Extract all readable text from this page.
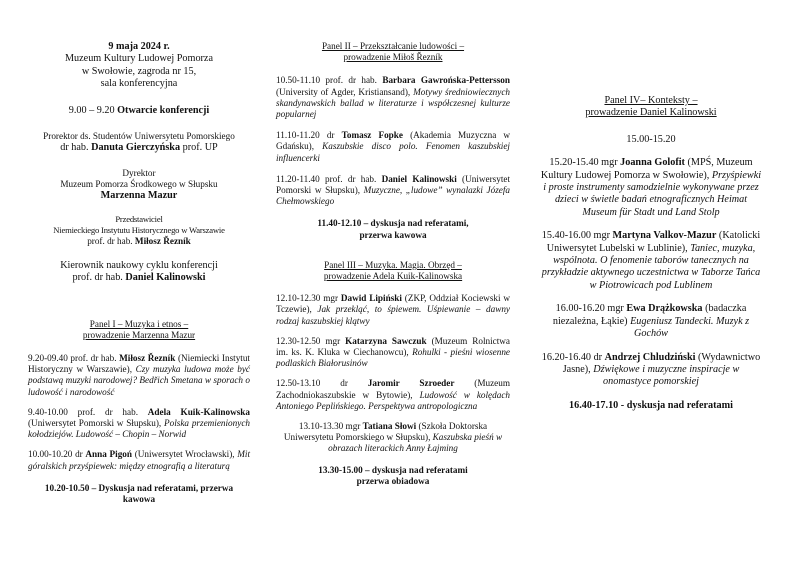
9 maja 2024 r.

Muzeum Kultury Ludowej Pomorza

w Swołowie, zagroda nr 15,

sala konferencyjna

9.00 – 9.20 Otwarcie konferencji

Prorektor ds. Studentów Uniwersytetu Pomorskiego

dr hab. Danuta Gierczyńska prof. UP

Dyrektor

Muzeum Pomorza Środkowego w Słupsku

Marzenna Mazur

Przedstawiciel

Niemieckiego Instytutu Historycznego w Warszawie

prof. dr hab. Miłosz Řezník

Kierownik naukowy cyklu konferencji

prof. dr hab. Daniel Kalinowski

Panel I – Muzyka i etnos –

prowadzenie Marzenna Mazur

9.20-09.40 prof. dr hab. Miłosz Řezník (Niemiecki Instytut Historyczny w Warszawie), Czy muzyka ludowa może być podstawą muzyki narodowej? Bedřich Smetana w sporach o ludowość i narodowość

9.40-10.00 prof. dr hab. Adela Kuik-Kalinowska (Uniwersytet Pomorski w Słupsku), Polska przemienionych kołodziejów. Ludowość – Chopin – Norwid

10.00-10.20 dr Anna Pigoń (Uniwersytet Wrocławski), Mit góralskich przyśpiewek: między etnografią a literaturą

10.20-10.50 – Dyskusja nad referatami, przerwa kawowa

Panel II – Przekształcanie ludowości –

prowadzenie Miłoš Řezník

10.50-11.10 prof. dr hab. Barbara Gawrońska-Pettersson (University of Agder, Kristiansand), Motywy średniowiecznych skandynawskich ballad w literaturze i współczesnej kulturze popularnej

11.10-11.20 dr Tomasz Fopke (Akademia Muzyczna w Gdańsku), Kaszubskie disco polo. Fenomen kaszubskiej influencerki

11.20-11.40 prof. dr hab. Daniel Kalinowski (Uniwersytet Pomorski w Słupsku), Muzyczne, „ludowe” wynalazki Józefa Chełmowskiego

11.40-12.10 – dyskusja nad referatami,

przerwa kawowa

Panel III – Muzyka. Magia. Obrzęd –

prowadzenie Adela Kuik-Kalinowska

12.10-12.30 mgr Dawid Lipiński (ZKP, Oddział Kociewski w Tczewie), Jak przekląć, to śpiewem. Uśpiewanie – dawny rodzaj kaszubskiej klątwy

12.30-12.50 mgr Katarzyna Sawczuk (Muzeum Rolnictwa im. ks. K. Kluka w Ciechanowcu), Rohulki - pieśni wiosenne podlaskich Białorusinów

12.50-13.10 dr Jaromir Szroeder (Muzeum Zachodniokaszubskie w Bytowie), Ludowość w kolędach Antoniego Peplińskiego. Perspektywa antropologiczna

13.10-13.30 mgr Tatiana Słowi (Szkoła Doktorska Uniwersytetu Pomorskiego w Słupsku), Kaszubska pieśń w obrazach literackich Anny Łajming

13.30-15.00 – dyskusja nad referatami

przerwa obiadowa

Panel IV– Konteksty –

prowadzenie Daniel Kalinowski

15.00-15.20

15.20-15.40 mgr Joanna Golofit (MPŚ, Muzeum Kultury Ludowej Pomorza w Swołowie), Przyśpiewki i proste instrumenty samodzielnie wykonywane przez dzieci w świetle badań etnograficznych Heimat Museum für Stadt und Land Stolp

15.40-16.00 mgr Martyna Valkov-Mazur (Katolicki Uniwersytet Lubelski w Lublinie), Taniec, muzyka, wspólnota. O fenomenie taborów tanecznych na przykładzie aktywnego uczestnictwa w Taborze Tańca w Piotrowicach pod Lublinem

16.00-16.20 mgr Ewa Drążkowska (badaczka niezależna, Łąkie) Eugeniusz Tandecki. Muzyk z Gochów

16.20-16.40 dr Andrzej Chludziński (Wydawnictwo Jasne), Dźwiękowe i muzyczne inspiracje w onomastyce pomorskiej

16.40-17.10 - dyskusja nad referatami
